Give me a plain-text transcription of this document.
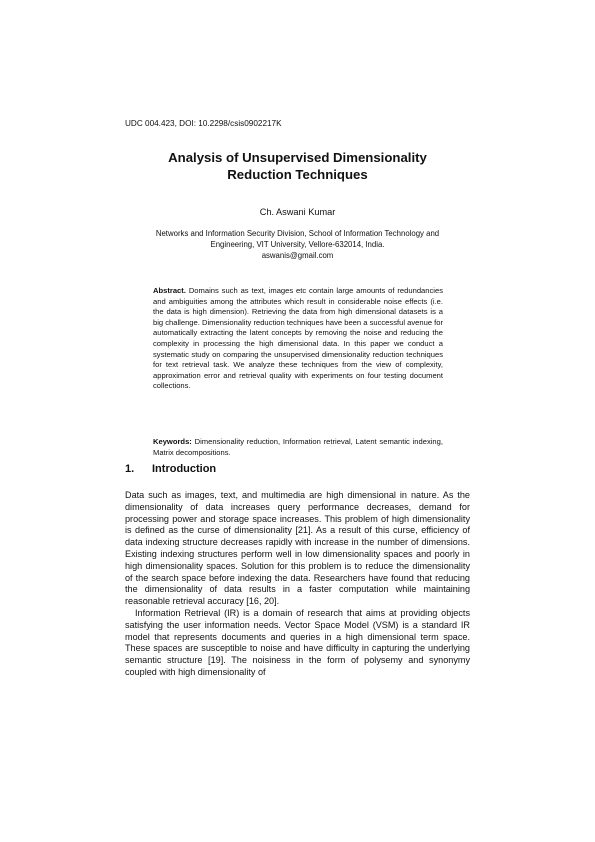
UDC 004.423, DOI: 10.2298/csis0902217K
Analysis of Unsupervised Dimensionality
Reduction Techniques
Ch. Aswani Kumar
Networks and Information Security Division, School of Information Technology and
Engineering, VIT University, Vellore-632014, India.
aswanis@gmail.com

Abstract. Domains such as text, images etc contain large amounts of redundancies and ambiguities among the attributes which result in considerable noise effects (i.e. the data is high dimension). Retrieving the data from high dimensional datasets is a big challenge. Dimensionality reduction techniques have been a successful avenue for automatically extracting the latent concepts by removing the noise and reducing the complexity in processing the high dimensional data. In this paper we conduct a systematic study on comparing the unsupervised dimensionality reduction techniques for text retrieval task. We analyze these techniques from the view of complexity, approximation error and retrieval quality with experiments on four testing document collections.

Keywords: Dimensionality reduction, Information retrieval, Latent semantic indexing, Matrix decompositions.
1. Introduction

Data such as images, text, and multimedia are high dimensional in nature. As the dimensionality of data increases query performance decreases, demand for processing power and storage space increases. This problem of high dimensionality is defined as the curse of dimensionality [21]. As a result of this curse, efficiency of data indexing structure decreases rapidly with increase in the number of dimensions. Existing indexing structures perform well in low dimensionality spaces and poorly in high dimensionality spaces. Solution for this problem is to reduce the dimensionality of the search space before indexing the data. Researchers have found that reducing the dimensionality of data results in a faster computation while maintaining reasonable retrieval accuracy [16, 20].

Information Retrieval (IR) is a domain of research that aims at providing objects satisfying the user information needs. Vector Space Model (VSM) is a standard IR model that represents documents and queries in a high dimensional term space. These spaces are susceptible to noise and have difficulty in capturing the underlying semantic structure [19]. The noisiness in the form of polysemy and synonymy coupled with high dimensionality of
